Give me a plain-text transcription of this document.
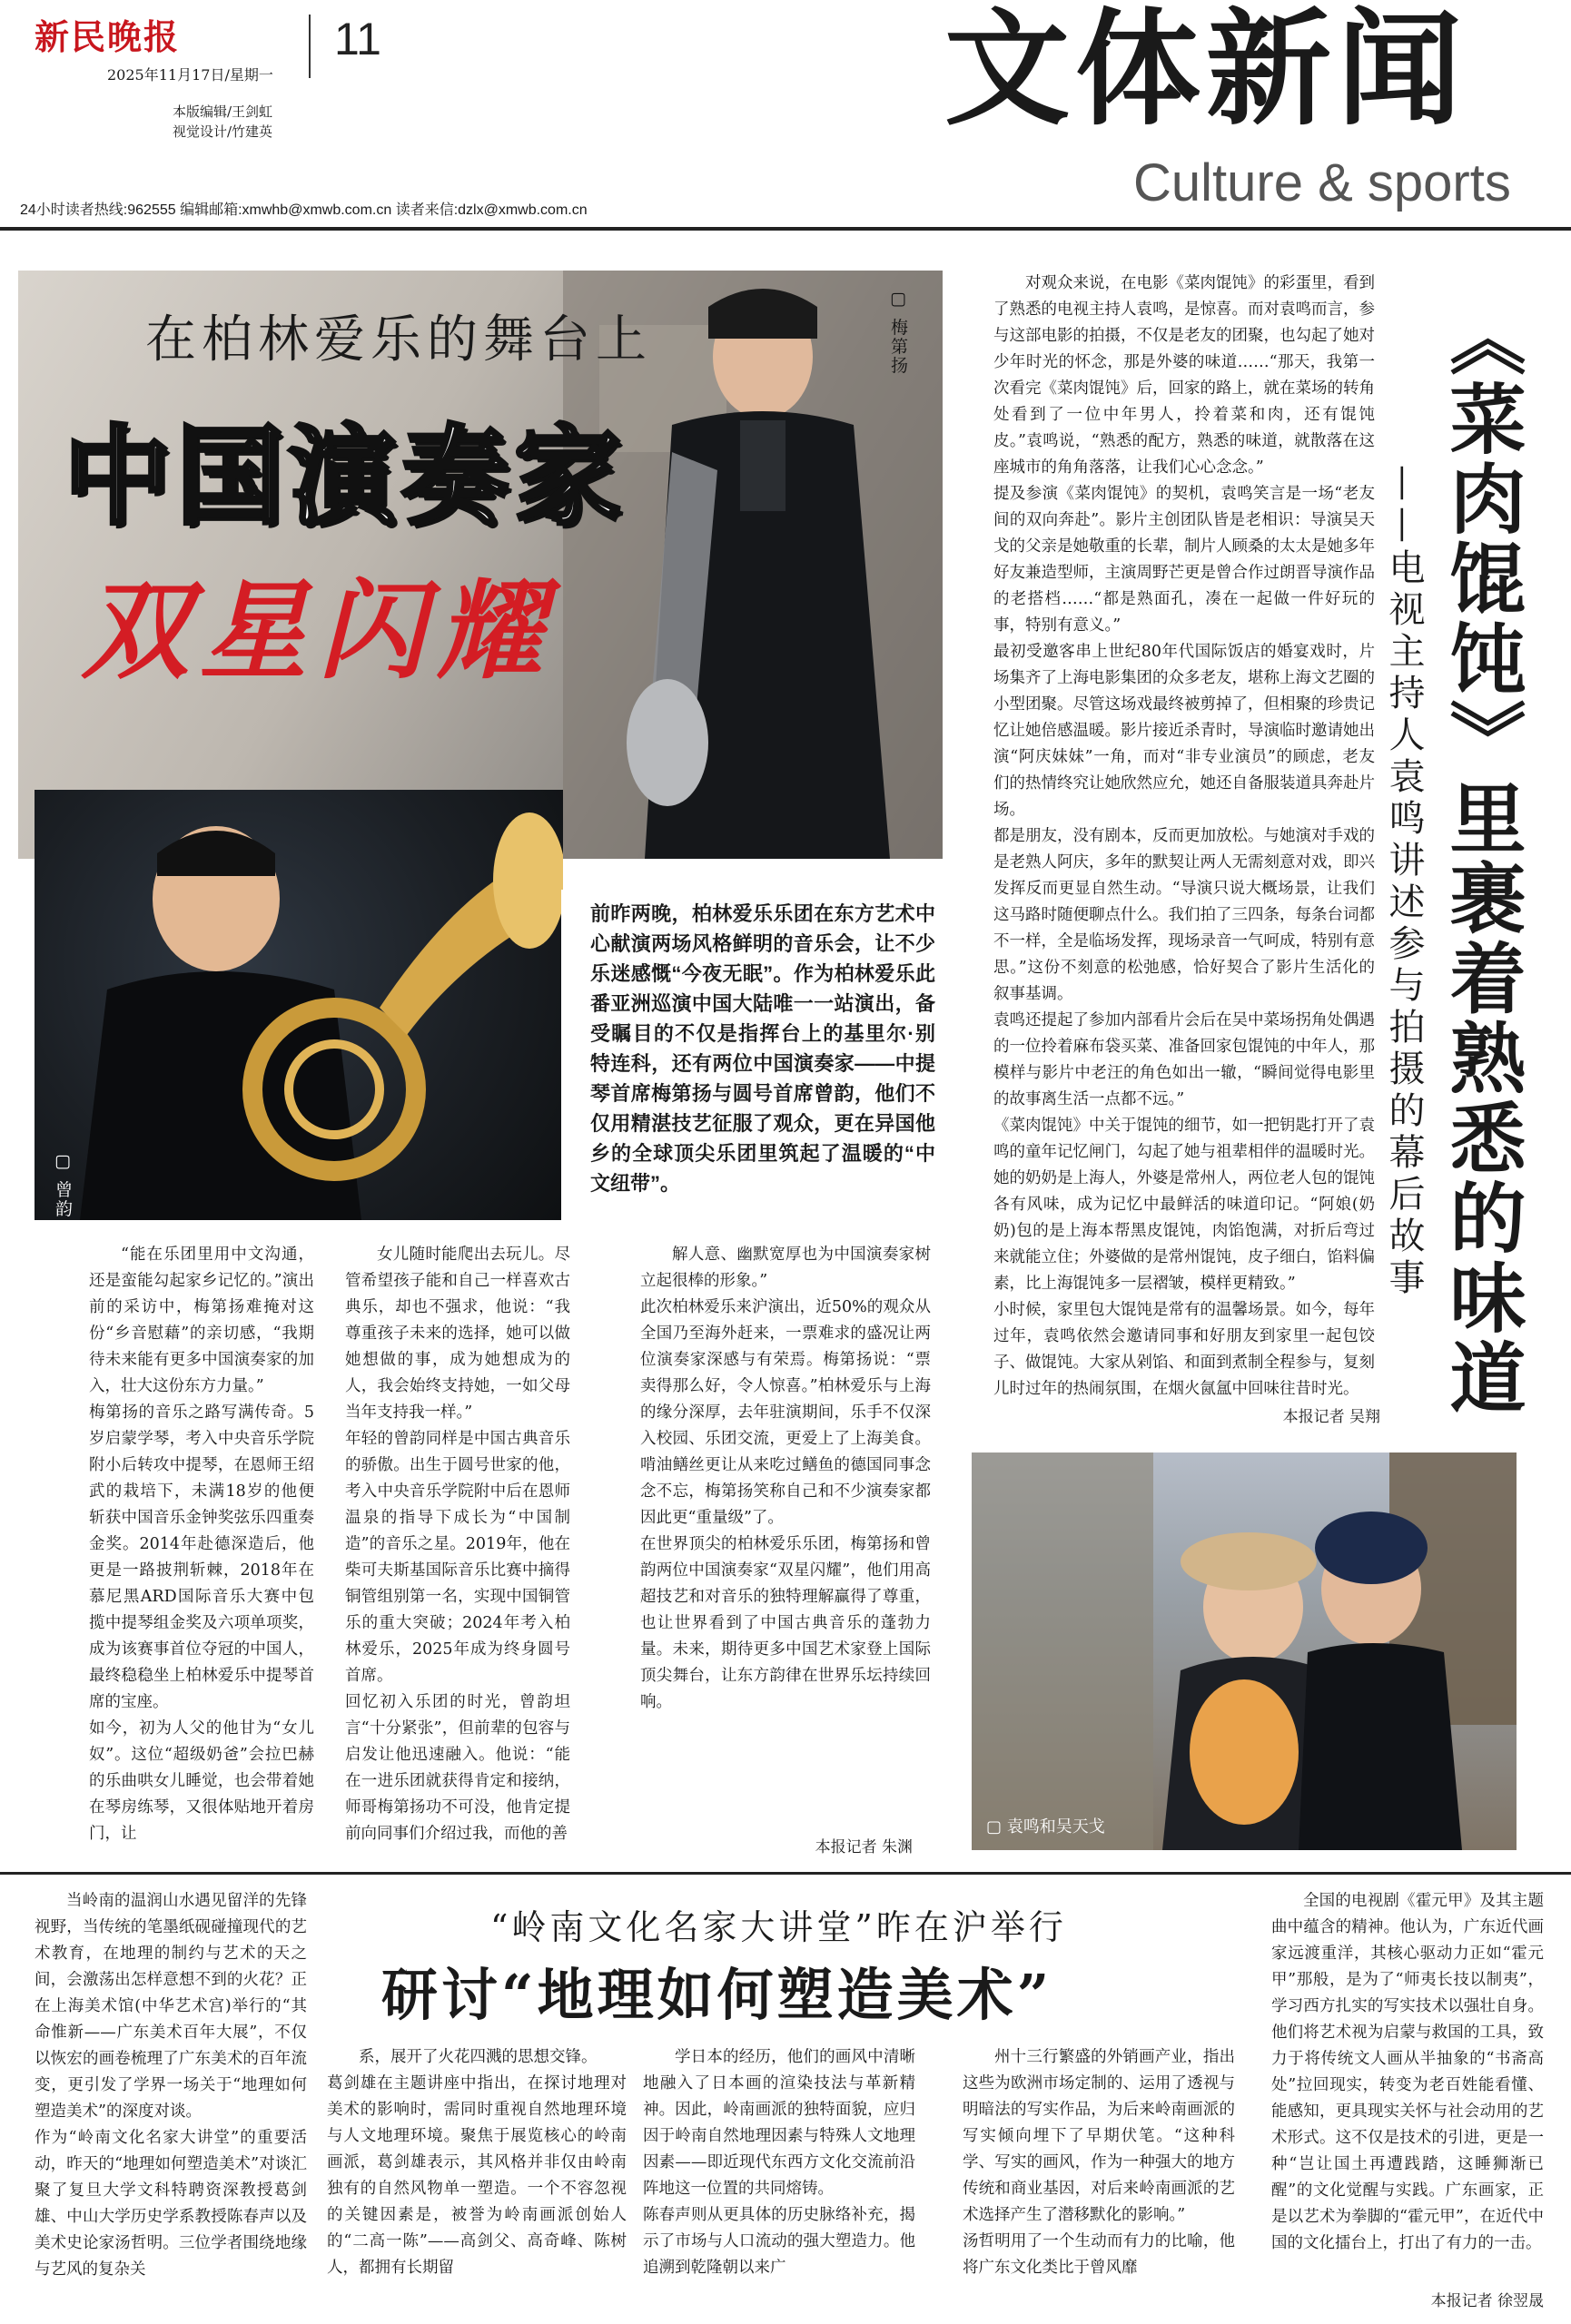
新民晚报	11
2025年11月17日/星期一
本版编辑/王剑虹
视觉设计/竹建英	文体新闻
Culture & sports
24小时读者热线:962555 编辑邮箱:xmwhb@xmwb.com.cn 读者来信:dzlx@xmwb.com.cn
在柏林爱乐的舞台上
中国演奏家
双星闪耀
▢ 梅第扬
▢ 曾韵
前昨两晚，柏林爱乐乐团在东方艺术中心献演两场风格鲜明的音乐会，让不少乐迷感慨“今夜无眠”。作为柏林爱乐此番亚洲巡演中国大陆唯一一站演出，备受瞩目的不仅是指挥台上的基里尔·别特连科，还有两位中国演奏家——中提琴首席梅第扬与圆号首席曾韵，他们不仅用精湛技艺征服了观众，更在异国他乡的全球顶尖乐团里筑起了温暖的“中文纽带”。
“能在乐团里用中文沟通，还是蛮能勾起家乡记忆的。”演出前的采访中，梅第扬难掩对这份“乡音慰藉”的亲切感，“我期待未来能有更多中国演奏家的加入，壮大这份东方力量。”
梅第扬的音乐之路写满传奇。5岁启蒙学琴，考入中央音乐学院附小后转攻中提琴，在恩师王绍武的栽培下，未满18岁的他便斩获中国音乐金钟奖弦乐四重奏金奖。2014年赴德深造后，他更是一路披荆斩棘，2018年在慕尼黑ARD国际音乐大赛中包揽中提琴组金奖及六项单项奖，成为该赛事首位夺冠的中国人，最终稳稳坐上柏林爱乐中提琴首席的宝座。
如今，初为人父的他甘为“女儿奴”。这位“超级奶爸”会拉巴赫的乐曲哄女儿睡觉，也会带着她在琴房练琴，又很体贴地开着房门，让
女儿随时能爬出去玩儿。尽管希望孩子能和自己一样喜欢古典乐，却也不强求，他说：“我尊重孩子未来的选择，她可以做她想做的事，成为她想成为的人，我会始终支持她，一如父母当年支持我一样。”
年轻的曾韵同样是中国古典音乐的骄傲。出生于圆号世家的他，考入中央音乐学院附中后在恩师温泉的指导下成长为“中国制造”的音乐之星。2019年，他在柴可夫斯基国际音乐比赛中摘得铜管组别第一名，实现中国铜管乐的重大突破；2024年考入柏林爱乐，2025年成为终身圆号首席。
回忆初入乐团的时光，曾韵坦言“十分紧张”，但前辈的包容与启发让他迅速融入。他说：“能在一进乐团就获得肯定和接纳，师哥梅第扬功不可没，他肯定提前向同事们介绍过我，而他的善
解人意、幽默宽厚也为中国演奏家树立起很棒的形象。”
此次柏林爱乐来沪演出，近50%的观众从全国乃至海外赶来，一票难求的盛况让两位演奏家深感与有荣焉。梅第扬说：“票卖得那么好，令人惊喜。”柏林爱乐与上海的缘分深厚，去年驻演期间，乐手不仅深入校园、乐团交流，更爱上了上海美食。啃油鳝丝更让从来吃过鳝鱼的德国同事念念不忘，梅第扬笑称自己和不少演奏家都因此更“重量级”了。
在世界顶尖的柏林爱乐乐团，梅第扬和曾韵两位中国演奏家“双星闪耀”，他们用高超技艺和对音乐的独特理解赢得了尊重，也让世界看到了中国古典音乐的蓬勃力量。未来，期待更多中国艺术家登上国际顶尖舞台，让东方韵律在世界乐坛持续回响。
本报记者 朱渊
对观众来说，在电影《菜肉馄饨》的彩蛋里，看到了熟悉的电视主持人袁鸣，是惊喜。而对袁鸣而言，参与这部电影的拍摄，不仅是老友的团聚，也勾起了她对少年时光的怀念，那是外婆的味道……“那天，我第一次看完《菜肉馄饨》后，回家的路上，就在菜场的转角处看到了一位中年男人，拎着菜和肉，还有馄饨皮。”袁鸣说，“熟悉的配方，熟悉的味道，就散落在这座城市的角角落落，让我们心心念念。”
提及参演《菜肉馄饨》的契机，袁鸣笑言是一场“老友间的双向奔赴”。影片主创团队皆是老相识：导演吴天戈的父亲是她敬重的长辈，制片人顾桑的太太是她多年好友兼造型师，主演周野芒更是曾合作过朗晋导演作品的老搭档……“都是熟面孔，凑在一起做一件好玩的事，特别有意义。”
最初受邀客串上世纪80年代国际饭店的婚宴戏时，片场集齐了上海电影集团的众多老友，堪称上海文艺圈的小型团聚。尽管这场戏最终被剪掉了，但相聚的珍贵记忆让她倍感温暖。影片接近杀青时，导演临时邀请她出演“阿庆妹妹”一角，而对“非专业演员”的顾虑，老友们的热情终究让她欣然应允，她还自备服装道具奔赴片场。
都是朋友，没有剧本，反而更加放松。与她演对手戏的是老熟人阿庆，多年的默契让两人无需刻意对戏，即兴发挥反而更显自然生动。“导演只说大概场景，让我们这马路时随便聊点什么。我们拍了三四条，每条台词都不一样，全是临场发挥，现场录音一气呵成，特别有意思。”这份不刻意的松弛感，恰好契合了影片生活化的叙事基调。
袁鸣还提起了参加内部看片会后在吴中菜场拐角处偶遇的一位拎着麻布袋买菜、准备回家包馄饨的中年人，那模样与影片中老汪的角色如出一辙，“瞬间觉得电影里的故事离生活一点都不远。”
《菜肉馄饨》中关于馄饨的细节，如一把钥匙打开了袁鸣的童年记忆闸门，勾起了她与祖辈相伴的温暖时光。她的奶奶是上海人，外婆是常州人，两位老人包的馄饨各有风味，成为记忆中最鲜活的味道印记。“阿娘(奶奶)包的是上海本帮黑皮馄饨，肉馅饱满，对折后弯过来就能立住；外婆做的是常州馄饨，皮子细白，馅料偏素，比上海馄饨多一层褶皱，模样更精致。”
小时候，家里包大馄饨是常有的温馨场景。如今，每年过年，袁鸣依然会邀请同事和好朋友到家里一起包饺子、做馄饨。大家从剁馅、和面到煮制全程参与，复刻儿时过年的热闹氛围，在烟火氤氲中回味往昔时光。
本报记者 吴翔 《菜肉馄饨》里裹着熟悉的味道
——电视主持人袁鸣讲述参与拍摄的幕后故事
▢ 袁鸣和吴天戈
“岭南文化名家大讲堂”昨在沪举行
研讨“地理如何塑造美术”
当岭南的温润山水遇见留洋的先锋视野，当传统的笔墨纸砚碰撞现代的艺术教育，在地理的制约与艺术的天之间，会激荡出怎样意想不到的火花？正在上海美术馆(中华艺术宫)举行的“其命惟新——广东美术百年大展”，不仅以恢宏的画卷梳理了广东美术的百年流变，更引发了学界一场关于“地理如何塑造美术”的深度对谈。
作为“岭南文化名家大讲堂”的重要活动，昨天的“地理如何塑造美术”对谈汇聚了复旦大学文科特聘资深教授葛剑雄、中山大学历史学系教授陈春声以及美术史论家汤哲明。三位学者围绕地缘与艺风的复杂关
系，展开了火花四溅的思想交锋。
葛剑雄在主题讲座中指出，在探讨地理对美术的影响时，需同时重视自然地理环境与人文地理环境。聚焦于展览核心的岭南画派，葛剑雄表示，其风格并非仅由岭南独有的自然风物单一塑造。一个不容忽视的关键因素是，被誉为岭南画派创始人的“二高一陈”——高剑父、高奇峰、陈树人，都拥有长期留
学日本的经历，他们的画风中清晰地融入了日本画的渲染技法与革新精神。因此，岭南画派的独特面貌，应归因于岭南自然地理因素与特殊人文地理因素——即近现代东西方文化交流前沿阵地这一位置的共同熔铸。
陈春声则从更具体的历史脉络补充，揭示了市场与人口流动的强大塑造力。他追溯到乾隆朝以来广
州十三行繁盛的外销画产业，指出这些为欧洲市场定制的、运用了透视与明暗法的写实作品，为后来岭南画派的写实倾向埋下了早期伏笔。“这种科学、写实的画风，作为一种强大的地方传统和商业基因，对后来岭南画派的艺术选择产生了潜移默化的影响。”
汤哲明用了一个生动而有力的比喻，他将广东文化类比于曾风靡
全国的电视剧《霍元甲》及其主题曲中蕴含的精神。他认为，广东近代画家远渡重洋，其核心驱动力正如“霍元甲”那般，是为了“师夷长技以制夷”，学习西方扎实的写实技术以强壮自身。他们将艺术视为启蒙与救国的工具，致力于将传统文人画从半抽象的“书斋高处”拉回现实，转变为老百姓能看懂、能感知，更具现实关怀与社会动用的艺术形式。这不仅是技术的引进，更是一种“岂让国土再遭践踏，这睡狮渐已醒”的文化觉醒与实践。广东画家，正是以艺术为拳脚的“霍元甲”，在近代中国的文化擂台上，打出了有力的一击。
本报记者 徐翌晟
